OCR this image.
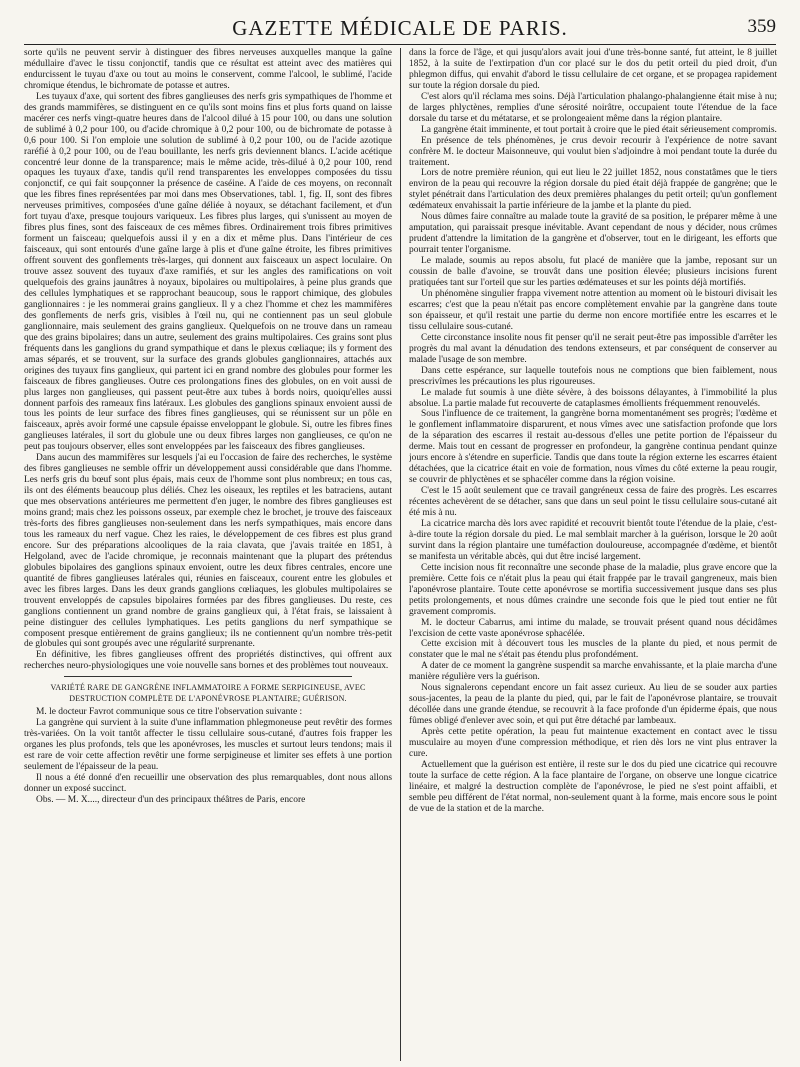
GAZETTE MÉDICALE DE PARIS.	359

sorte qu'ils ne peuvent servir à distinguer des fibres nerveuses auxquelles manque la gaîne médullaire d'avec le tissu conjonctif, tandis que ce résultat est atteint avec des matières qui endurcissent le tuyau d'axe ou tout au moins le conservent, comme l'alcool, le sublimé, l'acide chromique étendus, le bichromate de potasse et autres.

Les tuyaux d'axe, qui sortent des fibres ganglieuses des nerfs gris sympathiques de l'homme et des grands mammifères, se distinguent en ce qu'ils sont moins fins et plus forts quand on laisse macérer ces nerfs vingt-quatre heures dans de l'alcool dilué à 15 pour 100, ou dans une solution de sublimé à 0,2 pour 100, ou d'acide chromique à 0,2 pour 100, ou de bichromate de potasse à 0,6 pour 100. Si l'on emploie une solution de sublimé à 0,2 pour 100, ou de l'acide azotique raréfié à 0,2 pour 100, ou de l'eau bouillante, les nerfs gris deviennent blancs. L'acide acétique concentré leur donne de la transparence; mais le même acide, très-dilué à 0,2 pour 100, rend opaques les tuyaux d'axe, tandis qu'il rend transparentes les enveloppes composées du tissu conjonctif, ce qui fait soupçonner la présence de caséine. A l'aide de ces moyens, on reconnaît que les fibres fines représentées par moi dans mes Observationes, tabl. 1, fig. II, sont des fibres nerveuses primitives, composées d'une gaîne déliée à noyaux, se détachant facilement, et d'un fort tuyau d'axe, presque toujours variqueux. Les fibres plus larges, qui s'unissent au moyen de fibres plus fines, sont des faisceaux de ces mêmes fibres. Ordinairement trois fibres primitives forment un faisceau; quelquefois aussi il y en a dix et même plus. Dans l'intérieur de ces faisceaux, qui sont entourés d'une gaîne large à plis et d'une gaîne étroite, les fibres primitives offrent souvent des gonflements très-larges, qui donnent aux faisceaux un aspect loculaire. On trouve assez souvent des tuyaux d'axe ramifiés, et sur les angles des ramifications on voit quelquefois des grains jaunâtres à noyaux, bipolaires ou multipolaires, à peine plus grands que des cellules lymphatiques et se rapprochant beaucoup, sous le rapport chimique, des globules ganglionnaires : je les nommerai grains ganglieux. Il y a chez l'homme et chez les mammifères des gonflements de nerfs gris, visibles à l'œil nu, qui ne contiennent pas un seul globule ganglionnaire, mais seulement des grains ganglieux. Quelquefois on ne trouve dans un rameau que des grains bipolaires; dans un autre, seulement des grains multipolaires. Ces grains sont plus fréquents dans les ganglions du grand sympathique et dans le plexus cœliaque; ils y forment des amas séparés, et se trouvent, sur la surface des grands globules ganglionnaires, attachés aux origines des tuyaux fins ganglieux, qui partent ici en grand nombre des globules pour former les faisceaux de fibres ganglieuses. Outre ces prolongations fines des globules, on en voit aussi de plus larges non ganglieuses, qui passent peut-être aux tubes à bords noirs, quoiqu'elles aussi donnent parfois des rameaux fins latéraux. Les globules des ganglions spinaux envoient aussi de tous les points de leur surface des fibres fines ganglieuses, qui se réunissent sur un pôle en faisceaux, après avoir formé une capsule épaisse enveloppant le globule. Si, outre les fibres fines ganglieuses latérales, il sort du globule une ou deux fibres larges non ganglieuses, ce qu'on ne peut pas toujours observer, elles sont enveloppées par les faisceaux des fibres ganglieuses.

Dans aucun des mammifères sur lesquels j'ai eu l'occasion de faire des recherches, le système des fibres ganglieuses ne semble offrir un développement aussi considérable que dans l'homme. Les nerfs gris du bœuf sont plus épais, mais ceux de l'homme sont plus nombreux; en tous cas, ils ont des éléments beaucoup plus déliés. Chez les oiseaux, les reptiles et les batraciens, autant que mes observations antérieures me permettent d'en juger, le nombre des fibres ganglieuses est moins grand; mais chez les poissons osseux, par exemple chez le brochet, je trouve des faisceaux très-forts des fibres ganglieuses non-seulement dans les nerfs sympathiques, mais encore dans tous les rameaux du nerf vague. Chez les raies, le développement de ces fibres est plus grand encore. Sur des préparations alcooliques de la raia clavata, que j'avais traitée en 1851, à Helgoland, avec de l'acide chromique, je reconnais maintenant que la plupart des prétendus globules bipolaires des ganglions spinaux envoient, outre les deux fibres centrales, encore une quantité de fibres ganglieuses latérales qui, réunies en faisceaux, courent entre les globules et avec les fibres larges. Dans les deux grands ganglions cœliaques, les globules multipolaires se trouvent enveloppés de capsules bipolaires formées par des fibres ganglieuses. Du reste, ces ganglions contiennent un grand nombre de grains ganglieux qui, à l'état frais, se laissaient à peine distinguer des cellules lymphatiques. Les petits ganglions du nerf sympathique se composent presque entièrement de grains ganglieux; ils ne contiennent qu'un nombre très-petit de globules qui sont groupés avec une régularité surprenante.

En définitive, les fibres ganglieuses offrent des propriétés distinctives, qui offrent aux recherches neuro-physiologiques une voie nouvelle sans bornes et des problèmes tout nouveaux.

VARIÉTÉ RARE DE GANGRÈNE INFLAMMATOIRE A FORME SERPIGINEUSE, AVEC DESTRUCTION COMPLÈTE DE L'APONÉVROSE PLANTAIRE; GUÉRISON.

M. le docteur Favrot communique sous ce titre l'observation suivante :

La gangrène qui survient à la suite d'une inflammation phlegmoneuse peut revêtir des formes très-variées. On la voit tantôt affecter le tissu cellulaire sous-cutané, d'autres fois frapper les organes les plus profonds, tels que les aponévroses, les muscles et surtout leurs tendons; mais il est rare de voir cette affection revêtir une forme serpigineuse et limiter ses effets à une portion seulement de l'épaisseur de la peau.

Il nous a été donné d'en recueillir une observation des plus remarquables, dont nous allons donner un exposé succinct.

Obs. — M. X...., directeur d'un des principaux théâtres de Paris, encore

dans la force de l'âge, et qui jusqu'alors avait joui d'une très-bonne santé, fut atteint, le 8 juillet 1852, à la suite de l'extirpation d'un cor placé sur le dos du petit orteil du pied droit, d'un phlegmon diffus, qui envahit d'abord le tissu cellulaire de cet organe, et se propagea rapidement sur toute la région dorsale du pied.

C'est alors qu'il réclama mes soins. Déjà l'articulation phalango-phalangienne était mise à nu; de larges phlyctènes, remplies d'une sérosité noirâtre, occupaient toute l'étendue de la face dorsale du tarse et du métatarse, et se prolongeaient même dans la région plantaire.

La gangrène était imminente, et tout portait à croire que le pied était sérieusement compromis.

En présence de tels phénomènes, je crus devoir recourir à l'expérience de notre savant confrère M. le docteur Maisonneuve, qui voulut bien s'adjoindre à moi pendant toute la durée du traitement.

Lors de notre première réunion, qui eut lieu le 22 juillet 1852, nous constatâmes que le tiers environ de la peau qui recouvre la région dorsale du pied était déjà frappée de gangrène; que le stylet pénétrait dans l'articulation des deux premières phalanges du petit orteil; qu'un gonflement œdémateux envahissait la partie inférieure de la jambe et la plante du pied.

Nous dûmes faire connaître au malade toute la gravité de sa position, le préparer même à une amputation, qui paraissait presque inévitable. Avant cependant de nous y décider, nous crûmes prudent d'attendre la limitation de la gangrène et d'observer, tout en le dirigeant, les efforts que pourrait tenter l'organisme.

Le malade, soumis au repos absolu, fut placé de manière que la jambe, reposant sur un coussin de balle d'avoine, se trouvât dans une position élevée; plusieurs incisions furent pratiquées tant sur l'orteil que sur les parties œdémateuses et sur les points déjà mortifiés.

Un phénomène singulier frappa vivement notre attention au moment où le bistouri divisait les escarres; c'est que la peau n'était pas encore complètement envahie par la gangrène dans toute son épaisseur, et qu'il restait une partie du derme non encore mortifiée entre les escarres et le tissu cellulaire sous-cutané.

Cette circonstance insolite nous fit penser qu'il ne serait peut-être pas impossible d'arrêter les progrès du mal avant la dénudation des tendons extenseurs, et par conséquent de conserver au malade l'usage de son membre.

Dans cette espérance, sur laquelle toutefois nous ne comptions que bien faiblement, nous prescrivîmes les précautions les plus rigoureuses.

Le malade fut soumis à une diète sévère, à des boissons délayantes, à l'immobilité la plus absolue. La partie malade fut recouverte de cataplasmes émollients fréquemment renouvelés.

Sous l'influence de ce traitement, la gangrène borna momentanément ses progrès; l'œdème et le gonflement inflammatoire disparurent, et nous vîmes avec une satisfaction profonde que lors de la séparation des escarres il restait au-dessous d'elles une petite portion de l'épaisseur du derme. Mais tout en cessant de progresser en profondeur, la gangrène continua pendant quinze jours encore à s'étendre en superficie. Tandis que dans toute la région externe les escarres étaient détachées, que la cicatrice était en voie de formation, nous vîmes du côté externe la peau rougir, se couvrir de phlyctènes et se sphacéler comme dans la région voisine.

C'est le 15 août seulement que ce travail gangréneux cessa de faire des progrès. Les escarres récentes achevèrent de se détacher, sans que dans un seul point le tissu cellulaire sous-cutané ait été mis à nu.

La cicatrice marcha dès lors avec rapidité et recouvrit bientôt toute l'étendue de la plaie, c'est-à-dire toute la région dorsale du pied. Le mal semblait marcher à la guérison, lorsque le 20 août survint dans la région plantaire une tuméfaction douloureuse, accompagnée d'œdème, et bientôt se manifesta un véritable abcès, qui dut être incisé largement.

Cette incision nous fit reconnaître une seconde phase de la maladie, plus grave encore que la première. Cette fois ce n'était plus la peau qui était frappée par le travail gangreneux, mais bien l'aponévrose plantaire. Toute cette aponévrose se mortifia successivement jusque dans ses plus petits prolongements, et nous dûmes craindre une seconde fois que le pied tout entier ne fût gravement compromis.

M. le docteur Cabarrus, ami intime du malade, se trouvait présent quand nous décidâmes l'excision de cette vaste aponévrose sphacélée.

Cette excision mit à découvert tous les muscles de la plante du pied, et nous permit de constater que le mal ne s'était pas étendu plus profondément.

A dater de ce moment la gangrène suspendit sa marche envahissante, et la plaie marcha d'une manière régulière vers la guérison.

Nous signalerons cependant encore un fait assez curieux. Au lieu de se souder aux parties sous-jacentes, la peau de la plante du pied, qui, par le fait de l'aponévrose plantaire, se trouvait décollée dans une grande étendue, se recouvrit à la face profonde d'un épiderme épais, que nous fûmes obligé d'enlever avec soin, et qui put être détaché par lambeaux.

Après cette petite opération, la peau fut maintenue exactement en contact avec le tissu musculaire au moyen d'une compression méthodique, et rien dès lors ne vint plus entraver la cure.

Actuellement que la guérison est entière, il reste sur le dos du pied une cicatrice qui recouvre toute la surface de cette région. A la face plantaire de l'organe, on observe une longue cicatrice linéaire, et malgré la destruction complète de l'aponévrose, le pied ne s'est point affaibli, et semble peu différent de l'état normal, non-seulement quant à la forme, mais encore sous le point de vue de la station et de la marche.
